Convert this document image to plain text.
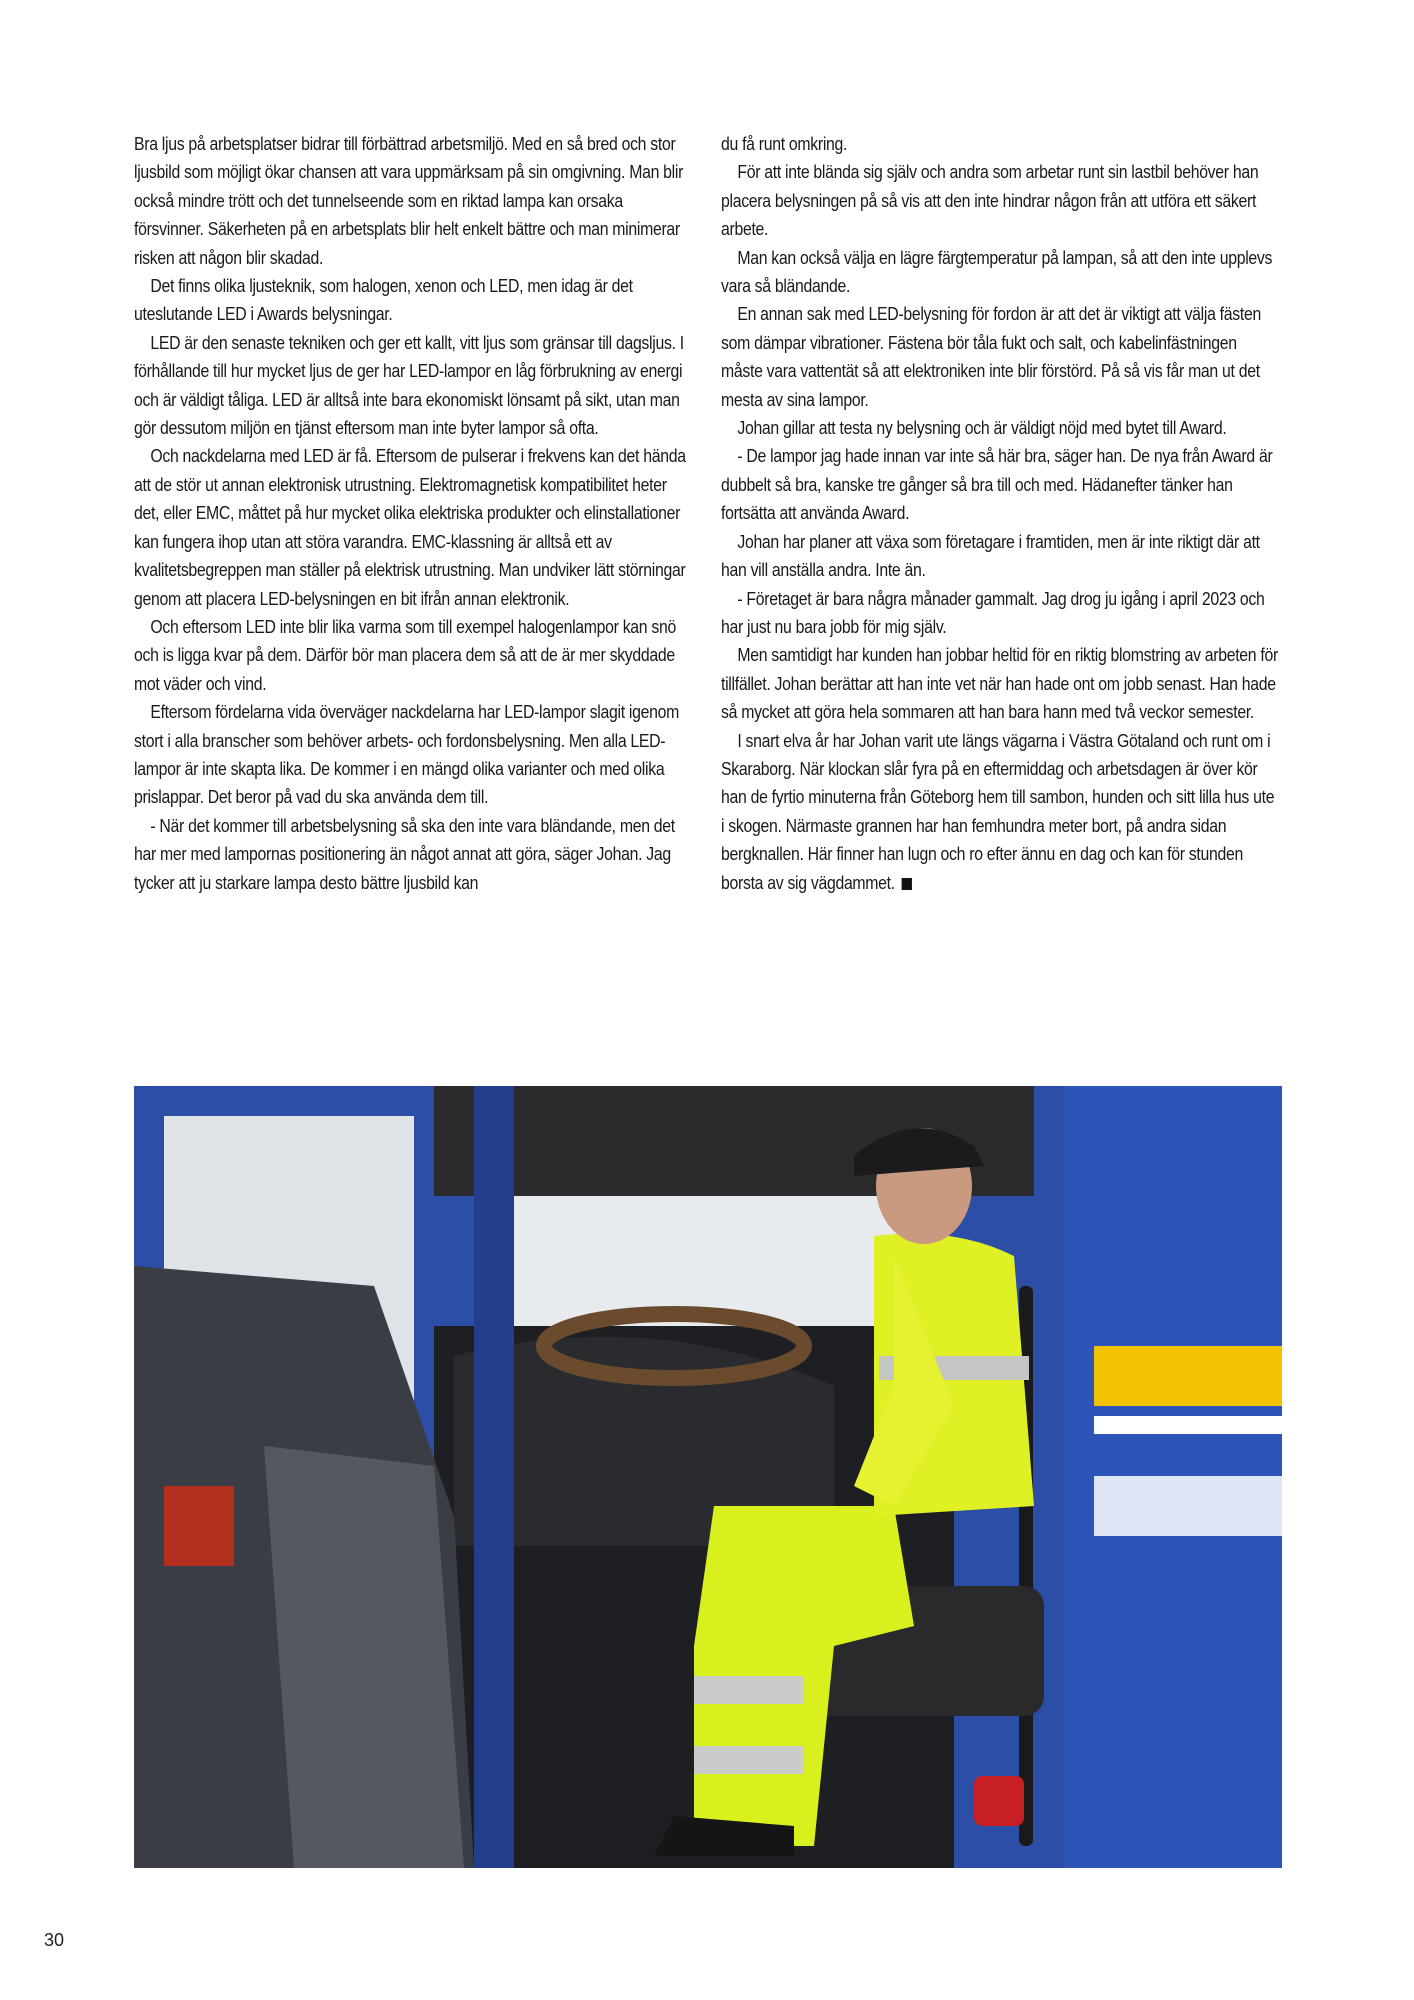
Bra ljus på arbetsplatser bidrar till förbättrad arbetsmiljö. Med en så bred och stor ljusbild som möjligt ökar chansen att vara uppmärksam på sin omgivning. Man blir också mindre trött och det tunnelseende som en riktad lampa kan orsaka försvinner. Säkerheten på en arbetsplats blir helt enkelt bättre och man minimerar risken att någon blir skadad.

Det finns olika ljusteknik, som halogen, xenon och LED, men idag är det uteslutande LED i Awards belysningar.

LED är den senaste tekniken och ger ett kallt, vitt ljus som gränsar till dagsljus. I förhållande till hur mycket ljus de ger har LED-lampor en låg förbrukning av energi och är väldigt tåliga. LED är alltså inte bara ekonomiskt lönsamt på sikt, utan man gör dessutom miljön en tjänst eftersom man inte byter lampor så ofta.

Och nackdelarna med LED är få. Eftersom de pulserar i frekvens kan det hända att de stör ut annan elektronisk utrustning. Elektromagnetisk kompatibilitet heter det, eller EMC, måttet på hur mycket olika elektriska produkter och elinstallationer kan fungera ihop utan att störa varandra. EMC-klassning är alltså ett av kvalitetsbegreppen man ställer på elektrisk utrustning. Man undviker lätt störningar genom att placera LED-belysningen en bit ifrån annan elektronik.

Och eftersom LED inte blir lika varma som till exempel halogenlampor kan snö och is ligga kvar på dem. Därför bör man placera dem så att de är mer skyddade mot väder och vind.

Eftersom fördelarna vida överväger nackdelarna har LED-lampor slagit igenom stort i alla branscher som behöver arbets- och fordonsbelysning. Men alla LED-lampor är inte skapta lika. De kommer i en mängd olika varianter och med olika prislappar. Det beror på vad du ska använda dem till.

- När det kommer till arbetsbelysning så ska den inte vara bländande, men det har mer med lampornas positionering än något annat att göra, säger Johan. Jag tycker att ju starkare lampa desto bättre ljusbild kan

du få runt omkring.

För att inte blända sig själv och andra som arbetar runt sin lastbil behöver han placera belysningen på så vis att den inte hindrar någon från att utföra ett säkert arbete.

Man kan också välja en lägre färgtemperatur på lampan, så att den inte upplevs vara så bländande.

En annan sak med LED-belysning för fordon är att det är viktigt att välja fästen som dämpar vibrationer. Fästena bör tåla fukt och salt, och kabelinfästningen måste vara vattentät så att elektroniken inte blir förstörd. På så vis får man ut det mesta av sina lampor.

Johan gillar att testa ny belysning och är väldigt nöjd med bytet till Award.

- De lampor jag hade innan var inte så här bra, säger han. De nya från Award är dubbelt så bra, kanske tre gånger så bra till och med. Hädanefter tänker han fortsätta att använda Award.

Johan har planer att växa som företagare i framtiden, men är inte riktigt där att han vill anställa andra. Inte än.

- Företaget är bara några månader gammalt. Jag drog ju igång i april 2023 och har just nu bara jobb för mig själv.

Men samtidigt har kunden han jobbar heltid för en riktig blomstring av arbeten för tillfället. Johan berättar att han inte vet när han hade ont om jobb senast. Han hade så mycket att göra hela sommaren att han bara hann med två veckor semester.

I snart elva år har Johan varit ute längs vägarna i Västra Götaland och runt om i Skaraborg. När klockan slår fyra på en eftermiddag och arbetsdagen är över kör han de fyrtio minuterna från Göteborg hem till sambon, hunden och sitt lilla hus ute i skogen. Närmaste grannen har han femhundra meter bort, på andra sidan bergknallen. Här finner han lugn och ro efter ännu en dag och kan för stunden borsta av sig vägdammet.

30
